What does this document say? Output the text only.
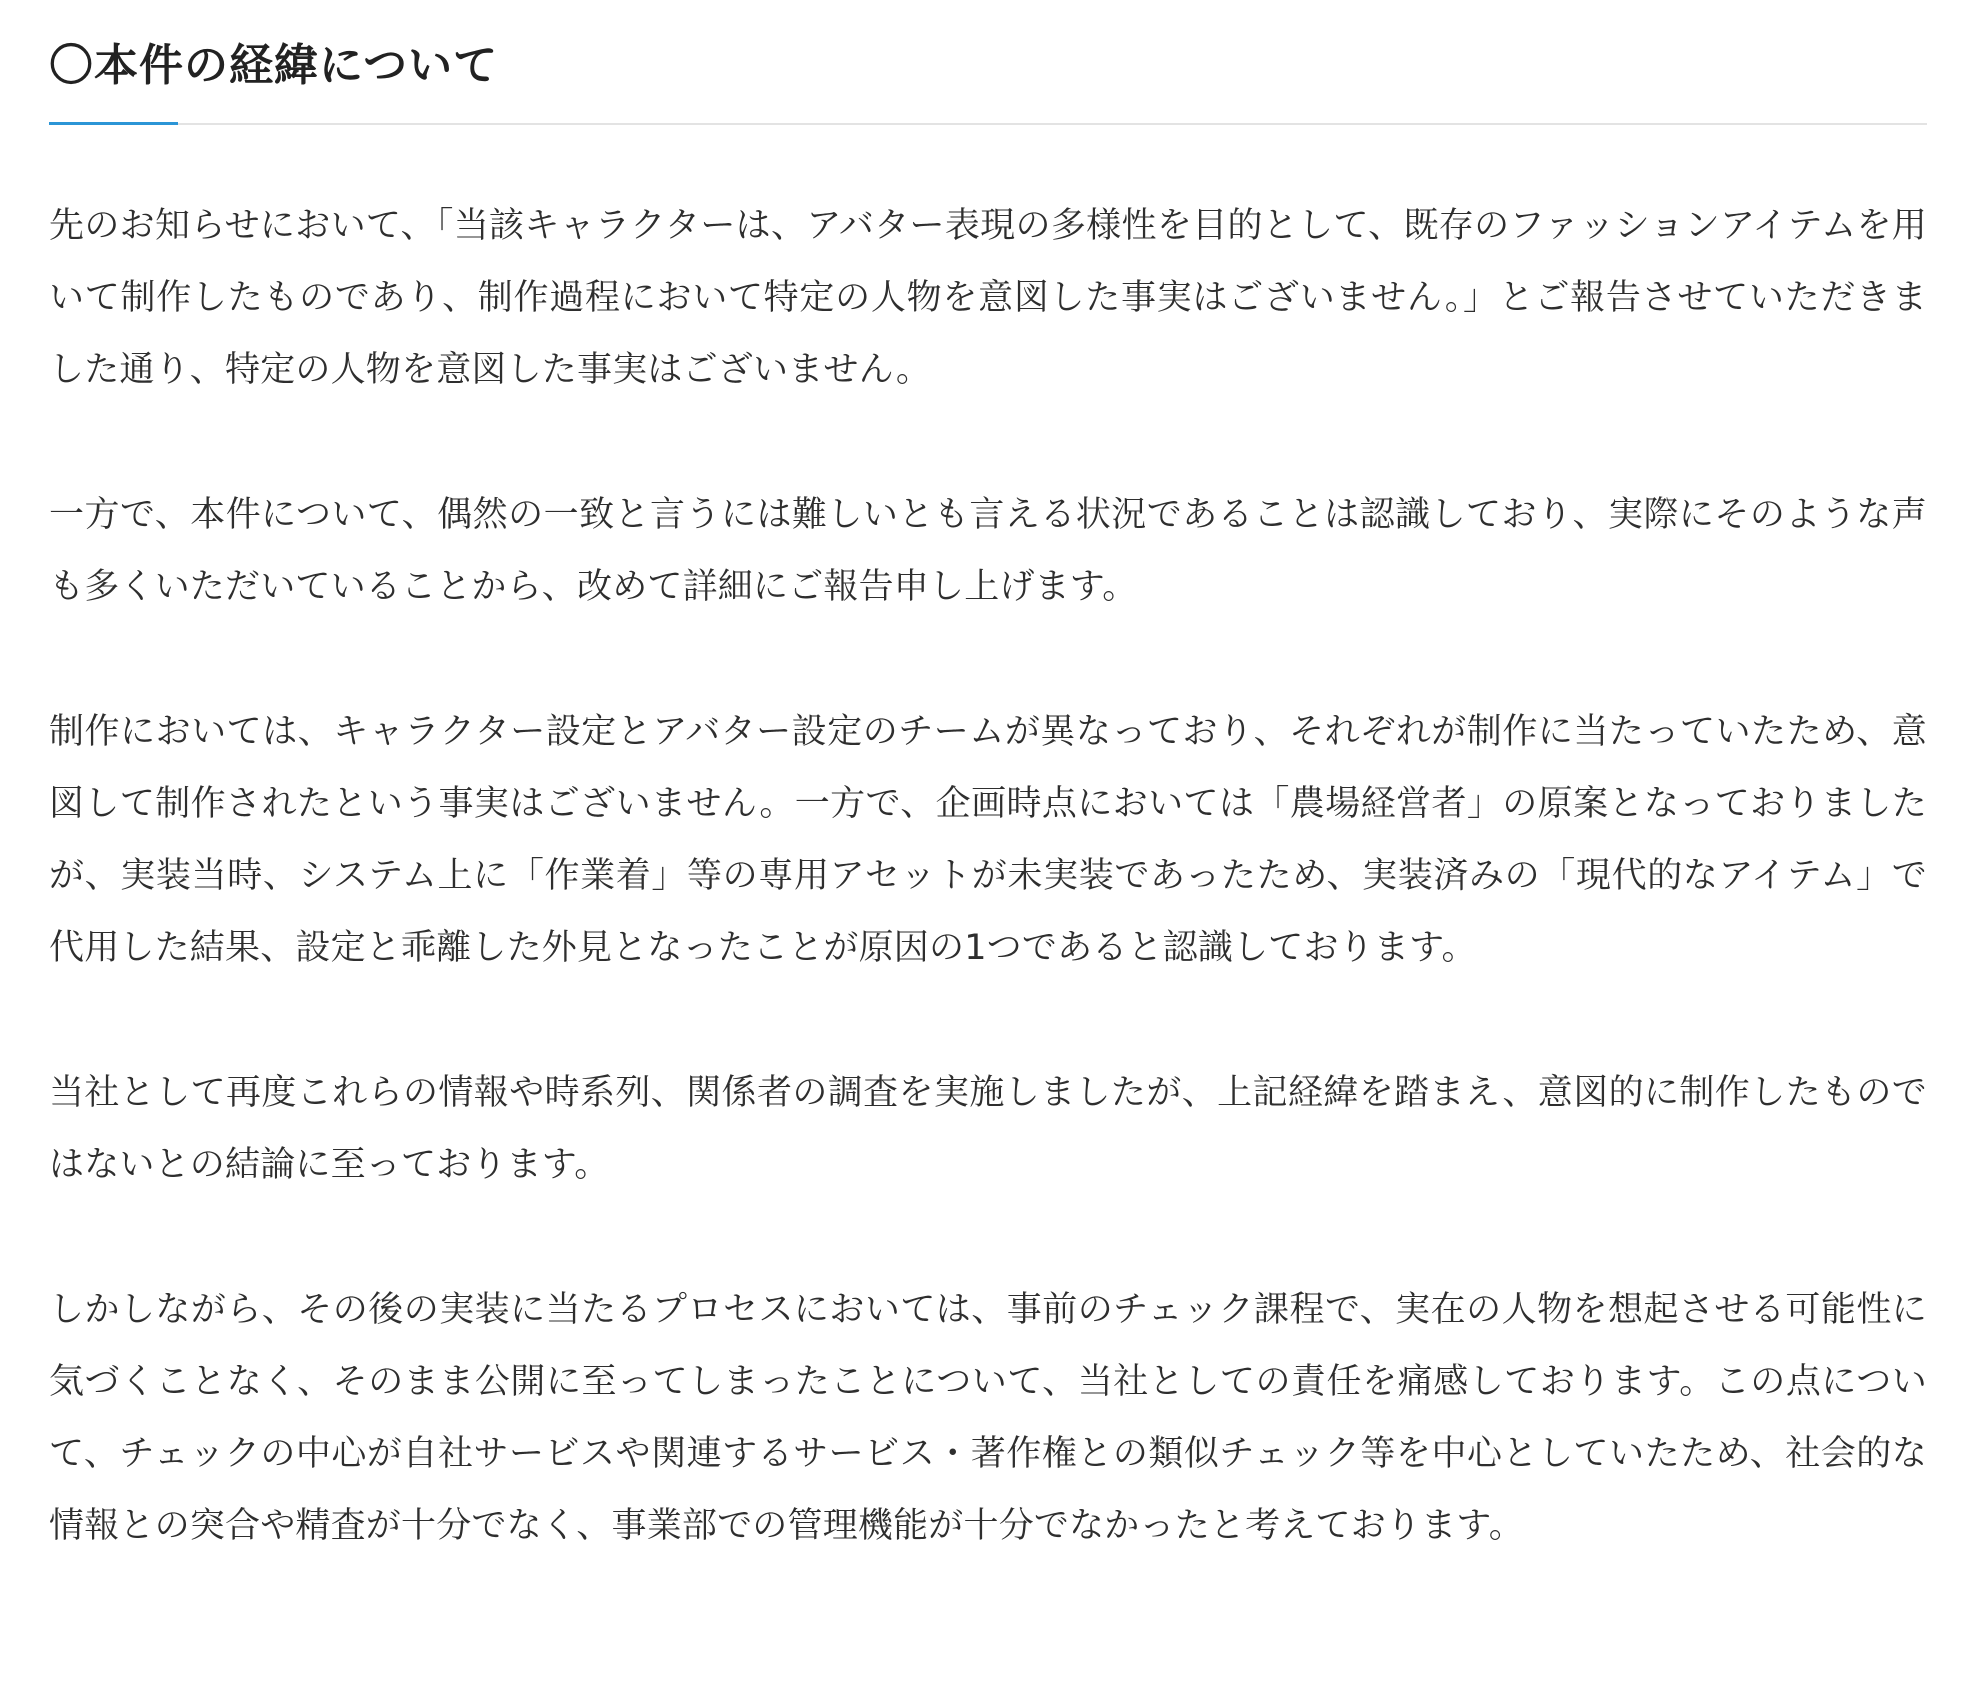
〇本件の経緯について

先のお知らせにおいて、「当該キャラクターは、アバター表現の多様性を目的として、既存のファッションアイテムを用いて制作したものであり、制作過程において特定の人物を意図した事実はございません。」とご報告させていただきました通り、特定の人物を意図した事実はございません。

一方で、本件について、偶然の一致と言うには難しいとも言える状況であることは認識しており、実際にそのような声も多くいただいていることから、改めて詳細にご報告申し上げます。

制作においては、キャラクター設定とアバター設定のチームが異なっており、それぞれが制作に当たっていたため、意図して制作されたという事実はございません。一方で、企画時点においては「農場経営者」の原案となっておりましたが、実装当時、システム上に「作業着」等の専用アセットが未実装であったため、実装済みの「現代的なアイテム」で代用した結果、設定と乖離した外見となったことが原因の1つであると認識しております。

当社として再度これらの情報や時系列、関係者の調査を実施しましたが、上記経緯を踏まえ、意図的に制作したものではないとの結論に至っております。

しかしながら、その後の実装に当たるプロセスにおいては、事前のチェック課程で、実在の人物を想起させる可能性に気づくことなく、そのまま公開に至ってしまったことについて、当社としての責任を痛感しております。この点について、チェックの中心が自社サービスや関連するサービス・著作権との類似チェック等を中心としていたため、社会的な情報との突合や精査が十分でなく、事業部での管理機能が十分でなかったと考えております。
